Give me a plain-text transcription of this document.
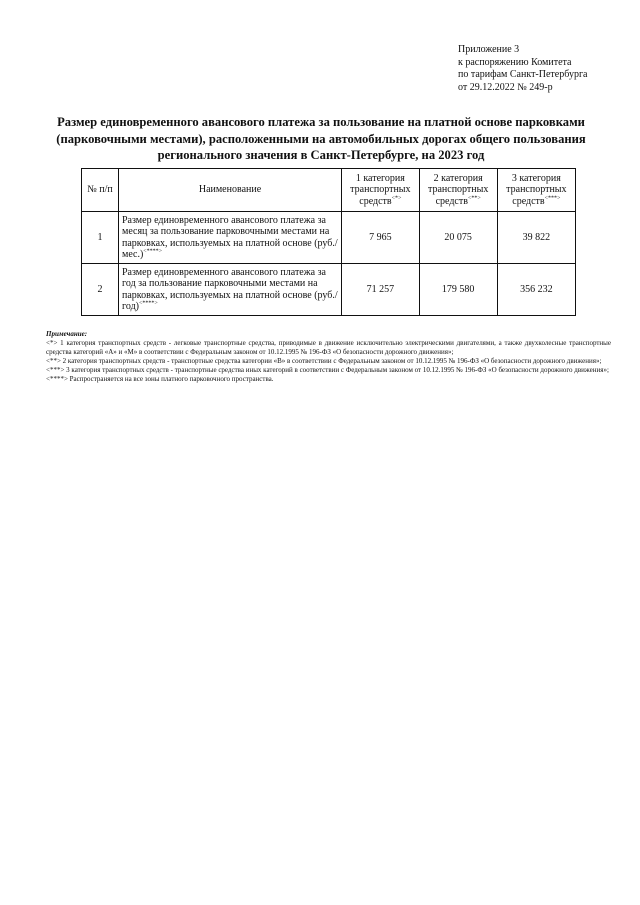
Приложение 3
к распоряжению Комитета
по тарифам Санкт-Петербурга
от 29.12.2022 № 249-р
Размер единовременного авансового платежа за пользование на платной основе парковками
(парковочными местами), расположенными на автомобильных дорогах общего пользования
регионального значения в Санкт-Петербурге, на 2023 год
№ п/п	Наименование	1 категория транспортных средств<*>	2 категория транспортных средств<**>	3 категория транспортных средств<***>
1	Размер единовременного авансового платежа за месяц за пользование парковочными местами на парковках, используемых на платной основе (руб./мес.)<****>	7 965	20 075	39 822
2	Размер единовременного авансового платежа за год за пользование парковочными местами на парковках, используемых на платной основе (руб./год)<****>	71 257	179 580	356 232

Примечание:

<*> 1 категория транспортных средств - легковые транспортные средства, приводимые в движение исключительно электрическими двигателями, а также двухколесные транспортные средства категорий «A» и «M» в соответствии с Федеральным законом от 10.12.1995 № 196-ФЗ «О безопасности дорожного движения»;

<**> 2 категория транспортных средств - транспортные средства категории «B» в соответствии с Федеральным законом от 10.12.1995 № 196-ФЗ «О безопасности дорожного движения»;

<***> 3 категория транспортных средств - транспортные средства иных категорий в соответствии с Федеральным законом от 10.12.1995 № 196-ФЗ «О безопасности дорожного движения»;

<****> Распространяется на все зоны платного парковочного пространства.
